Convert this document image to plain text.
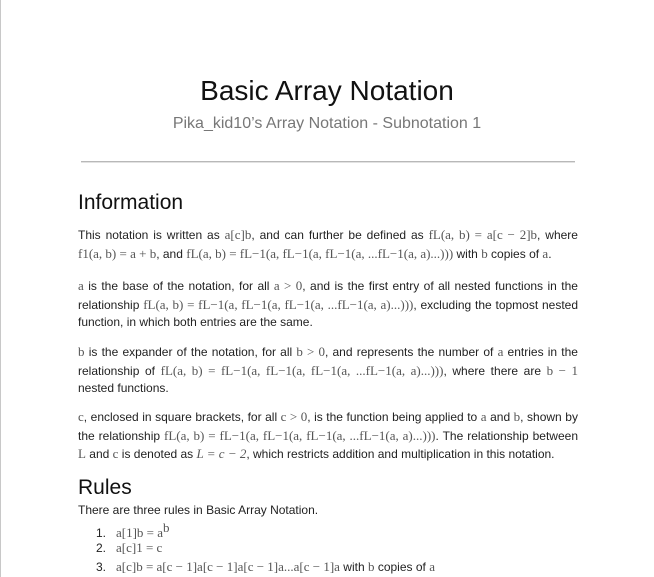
Basic Array Notation
Pika_kid10’s Array Notation - Subnotation 1
Information
This notation is written as a[c]b, and can further be defined as fL(a, b) = a[c − 2]b, where f1(a, b) = a + b, and fL(a, b) = fL−1(a, fL−1(a, fL−1(a, ...fL−1(a, a)...))) with b copies of a.
a is the base of the notation, for all a > 0, and is the first entry of all nested functions in the relationship fL(a, b) = fL−1(a, fL−1(a, fL−1(a, ...fL−1(a, a)...))), excluding the topmost nested function, in which both entries are the same.
b is the expander of the notation, for all b > 0, and represents the number of a entries in the relationship of fL(a, b) = fL−1(a, fL−1(a, fL−1(a, ...fL−1(a, a)...))), where there are b − 1 nested functions.
c, enclosed in square brackets, for all c > 0, is the function being applied to a and b, shown by the relationship fL(a, b) = fL−1(a, fL−1(a, fL−1(a, ...fL−1(a, a)...))). The relationship between L and c is denoted as L = c − 2, which restricts addition and multiplication in this notation.
Rules
There are three rules in Basic Array Notation.
1. $a[1]b = a^b$
2. a[c]1 = c
3. a[c]b = a[c − 1]a[c − 1]a[c − 1]a...a[c − 1]a with b copies of a
